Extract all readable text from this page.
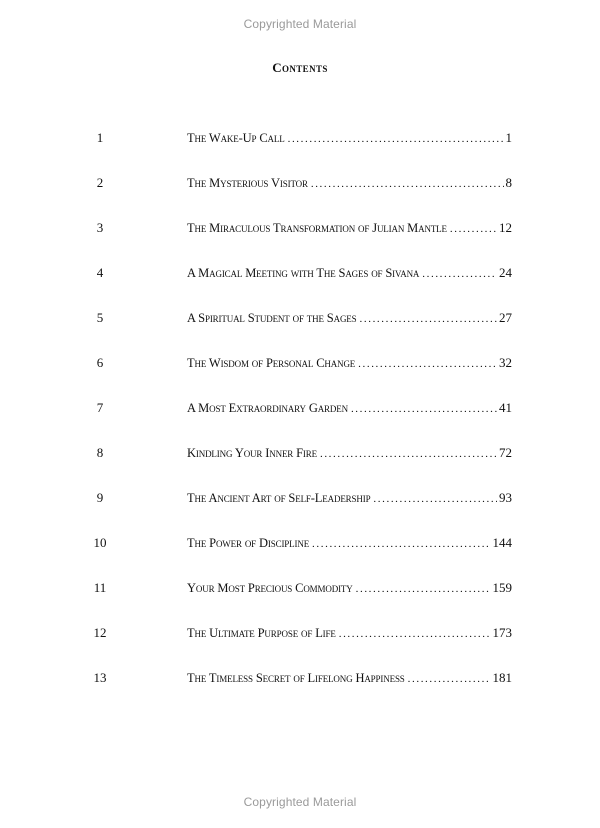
Copyrighted Material
Contents
1	The Wake-Up Call .....	1
2	The Mysterious Visitor .....	8
3	The Miraculous Transformation of Julian Mantle .....	12
4	A Magical Meeting with The Sages of Sivana .....	24
5	A Spiritual Student of the Sages .....	27
6	The Wisdom of Personal Change .....	32
7	A Most Extraordinary Garden .....	41
8	Kindling Your Inner Fire .....	72
9	The Ancient Art of Self-Leadership .....	93
10	The Power of Discipline .....	144
11	Your Most Precious Commodity .....	159
12	The Ultimate Purpose of Life .....	173
13	The Timeless Secret of Lifelong Happiness .....	181
Copyrighted Material
